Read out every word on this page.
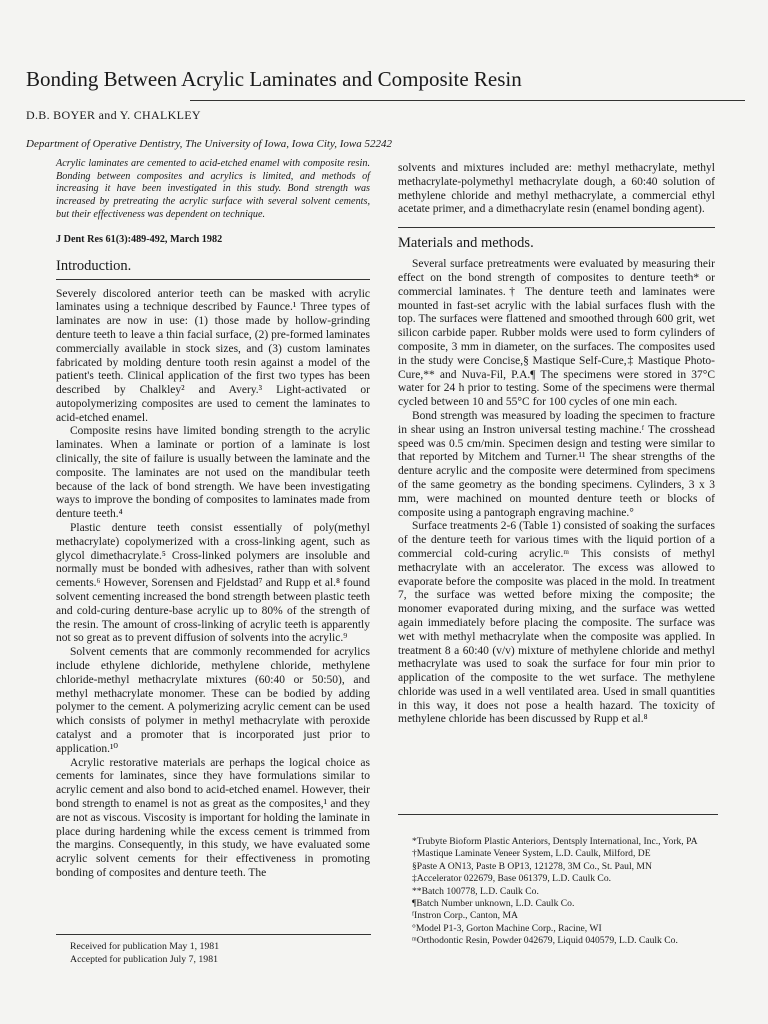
Bonding Between Acrylic Laminates and Composite Resin
D.B. BOYER and Y. CHALKLEY
Department of Operative Dentistry, The University of Iowa, Iowa City, Iowa 52242

Acrylic laminates are cemented to acid-etched enamel with composite resin. Bonding between composites and acrylics is limited, and methods of increasing it have been investigated in this study. Bond strength was increased by pretreating the acrylic surface with several solvent cements, but their effectiveness was dependent on technique.

J Dent Res 61(3):489-492, March 1982
Introduction.

Severely discolored anterior teeth can be masked with acrylic laminates using a technique described by Faunce.¹ Three types of laminates are now in use: (1) those made by hollow-grinding denture teeth to leave a thin facial surface, (2) pre-formed laminates commercially available in stock sizes, and (3) custom laminates fabricated by molding denture tooth resin against a model of the patient's teeth. Clinical application of the first two types has been described by Chalkley² and Avery.³ Light-activated or autopolymerizing composites are used to cement the laminates to acid-etched enamel.

Composite resins have limited bonding strength to the acrylic laminates. When a laminate or portion of a laminate is lost clinically, the site of failure is usually between the laminate and the composite. The laminates are not used on the mandibular teeth because of the lack of bond strength. We have been investigating ways to improve the bonding of composites to laminates made from denture teeth.⁴

Plastic denture teeth consist essentially of poly(methyl methacrylate) copolymerized with a cross-linking agent, such as glycol dimethacrylate.⁵ Cross-linked polymers are insoluble and normally must be bonded with adhesives, rather than with solvent cements.⁶ However, Sorensen and Fjeldstad⁷ and Rupp et al.⁸ found solvent cementing increased the bond strength between plastic teeth and cold-curing denture-base acrylic up to 80% of the strength of the resin. The amount of cross-linking of acrylic teeth is apparently not so great as to prevent diffusion of solvents into the acrylic.⁹

Solvent cements that are commonly recommended for acrylics include ethylene dichloride, methylene chloride, methylene chloride-methyl methacrylate mixtures (60:40 or 50:50), and methyl methacrylate monomer. These can be bodied by adding polymer to the cement. A polymerizing acrylic cement can be used which consists of polymer in methyl methacrylate with peroxide catalyst and a promoter that is incorporated just prior to application.¹⁰

Acrylic restorative materials are perhaps the logical choice as cements for laminates, since they have formulations similar to acrylic cement and also bond to acid-etched enamel. However, their bond strength to enamel is not as great as the composites,¹ and they are not as viscous. Viscosity is important for holding the laminate in place during hardening while the excess cement is trimmed from the margins. Consequently, in this study, we have evaluated some acrylic solvent cements for their effectiveness in promoting bonding of composites and denture teeth. The

solvents and mixtures included are: methyl methacrylate, methyl methacrylate-polymethyl methacrylate dough, a 60:40 solution of methylene chloride and methyl methacrylate, a commercial ethyl acetate primer, and a dimethacrylate resin (enamel bonding agent).

Materials and methods.

Several surface pretreatments were evaluated by measuring their effect on the bond strength of composites to denture teeth* or commercial laminates.† The denture teeth and laminates were mounted in fast-set acrylic with the labial surfaces flush with the top. The surfaces were flattened and smoothed through 600 grit, wet silicon carbide paper. Rubber molds were used to form cylinders of composite, 3 mm in diameter, on the surfaces. The composites used in the study were Concise,§ Mastique Self-Cure,‡ Mastique Photo-Cure,** and Nuva-Fil, P.A.¶ The specimens were stored in 37°C water for 24 h prior to testing. Some of the specimens were thermal cycled between 10 and 55°C for 100 cycles of one min each.

Bond strength was measured by loading the specimen to fracture in shear using an Instron universal testing machine.ᶠ The crosshead speed was 0.5 cm/min. Specimen design and testing were similar to that reported by Mitchem and Turner.¹¹ The shear strengths of the denture acrylic and the composite were determined from specimens of the same geometry as the bonding specimens. Cylinders, 3 x 3 mm, were machined on mounted denture teeth or blocks of composite using a pantograph engraving machine.°

Surface treatments 2-6 (Table 1) consisted of soaking the surfaces of the denture teeth for various times with the liquid portion of a commercial cold-curing acrylic.ᵐ This consists of methyl methacrylate with an accelerator. The excess was allowed to evaporate before the composite was placed in the mold. In treatment 7, the surface was wetted before mixing the composite; the monomer evaporated during mixing, and the surface was wetted again immediately before placing the composite. The surface was wet with methyl methacrylate when the composite was applied. In treatment 8 a 60:40 (v/v) mixture of methylene chloride and methyl methacrylate was used to soak the surface for four min prior to application of the composite to the wet surface. The methylene chloride was used in a well ventilated area. Used in small quantities in this way, it does not pose a health hazard. The toxicity of methylene chloride has been discussed by Rupp et al.⁸

*Trubyte Bioform Plastic Anteriors, Dentsply International, Inc., York, PA
†Mastique Laminate Veneer System, L.D. Caulk, Milford, DE
§Paste A ON13, Paste B OP13, 121278, 3M Co., St. Paul, MN
‡Accelerator 022679, Base 061379, L.D. Caulk Co.
**Batch 100778, L.D. Caulk Co.
¶Batch Number unknown, L.D. Caulk Co.
ᶠInstron Corp., Canton, MA
°Model P1-3, Gorton Machine Corp., Racine, WI
ᵐOrthodontic Resin, Powder 042679, Liquid 040579, L.D. Caulk Co.
Received for publication May 1, 1981
Accepted for publication July 7, 1981
